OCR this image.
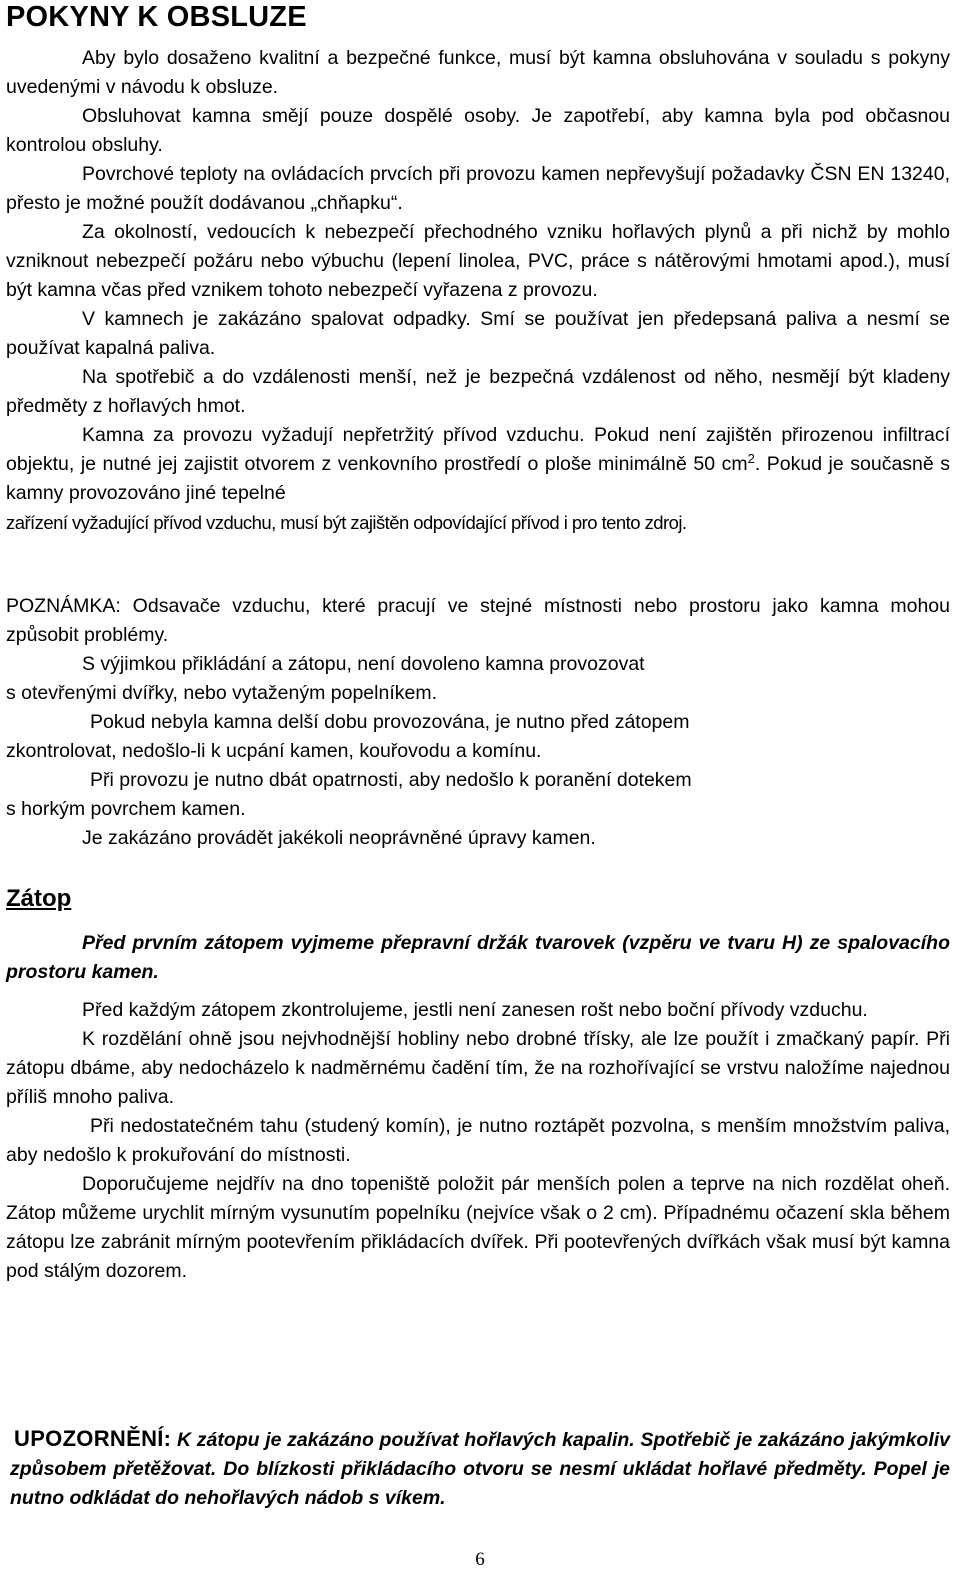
POKYNY K OBSLUZE

Aby bylo dosaženo kvalitní a bezpečné funkce, musí být kamna obsluhována v souladu s pokyny uvedenými v návodu k obsluze.

Obsluhovat kamna smějí pouze dospělé osoby. Je zapotřebí, aby kamna byla pod občasnou kontrolou obsluhy.

Povrchové teploty na ovládacích prvcích při provozu kamen nepřevyšují požadavky ČSN EN 13240, přesto je možné použít dodávanou „chňapku“.

Za okolností, vedoucích k nebezpečí přechodného vzniku hořlavých plynů a při nichž by mohlo vzniknout nebezpečí požáru nebo výbuchu (lepení linolea, PVC, práce s nátěrovými hmotami apod.), musí být kamna včas před vznikem tohoto nebezpečí vyřazena z provozu.

V kamnech je zakázáno spalovat odpadky. Smí se používat jen předepsaná paliva a nesmí se používat kapalná paliva.

Na spotřebič a do vzdálenosti menší, než je bezpečná vzdálenost od něho, nesmějí být kladeny předměty z hořlavých hmot.

Kamna za provozu vyžadují nepřetržitý přívod vzduchu. Pokud není zajištěn přirozenou infiltrací objektu, je nutné jej zajistit otvorem z venkovního prostředí o ploše minimálně 50 $cm^2$. Pokud je současně s kamny provozováno jiné tepelné

zařízení vyžadující přívod vzduchu, musí být zajištěn odpovídající přívod i pro tento zdroj.

POZNÁMKA: Odsavače vzduchu, které pracují ve stejné místnosti nebo prostoru jako kamna mohou způsobit problémy.

S výjimkou přikládání a zátopu, není dovoleno kamna provozovat
s otevřenými dvířky, nebo vytaženým popelníkem.
Pokud nebyla kamna delší dobu provozována, je nutno před zátopem
zkontrolovat, nedošlo-li k ucpání kamen, kouřovodu a komínu.
Při provozu je nutno dbát opatrnosti, aby nedošlo k poranění dotekem
s horkým povrchem kamen.
Je zakázáno provádět jakékoli neoprávněné úpravy kamen.
Zátop

Před prvním zátopem vyjmeme přepravní držák tvarovek (vzpěru ve tvaru H) ze spalovacího prostoru kamen.

Před každým zátopem zkontrolujeme, jestli není zanesen rošt nebo boční přívody vzduchu.

K rozdělání ohně jsou nejvhodnější hobliny nebo drobné třísky, ale lze použít i zmačkaný papír. Při zátopu dbáme, aby nedocházelo k nadměrnému čadění tím, že na rozhořívající se vrstvu naložíme najednou příliš mnoho paliva.

Při nedostatečném tahu (studený komín), je nutno roztápět pozvolna, s menším množstvím paliva, aby nedošlo k prokuřování do místnosti.

Doporučujeme nejdřív na dno topeniště položit pár menších polen a teprve na nich rozdělat oheň. Zátop můžeme urychlit mírným vysunutím popelníku (nejvíce však o 2 cm). Případnému očazení skla během zátopu lze zabránit mírným pootevřením přikládacích dvířek. Při pootevřených dvířkách však musí být kamna pod stálým dozorem.

UPOZORNĚNÍ: K zátopu je zakázáno používat hořlavých kapalin. Spotřebič je zakázáno jakýmkoliv způsobem přetěžovat. Do blízkosti přikládacího otvoru se nesmí ukládat hořlavé předměty. Popel je nutno odkládat do nehořlavých nádob s víkem.

6
